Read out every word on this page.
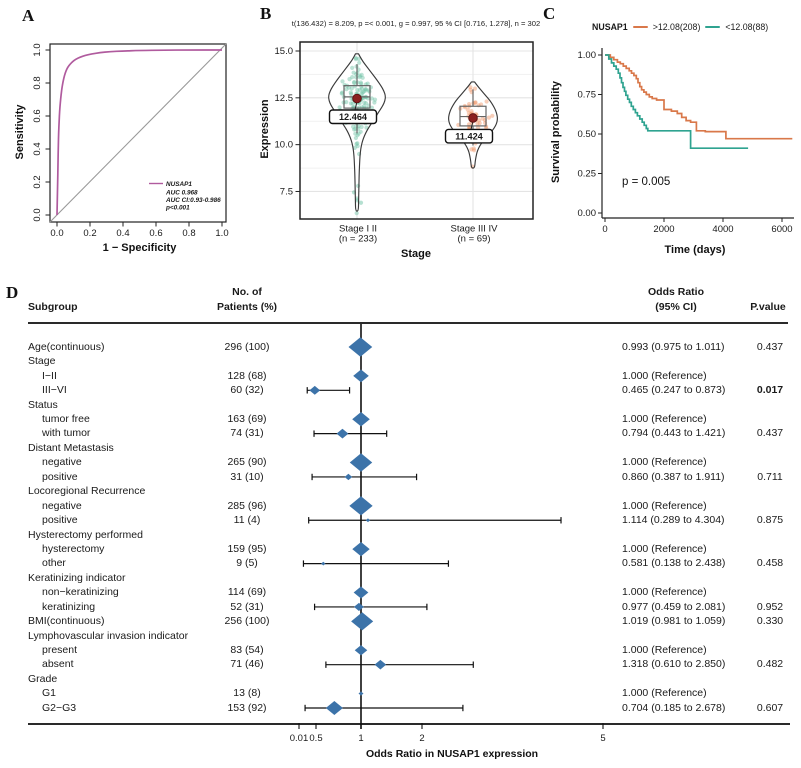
A
0.0 0.2 0.4 0.6 0.8 1.0
0.0
0.2
0.4
0.6
0.8
1.0
NUSAP1
AUC 0.968
AUC CI:0.93-0.986
p<0.001
Sensitivity
1 − Specificity
B
t(136.432) = 8.209, p =< 0.001, g = 0.997, 95 % CI [0.716, 1.278], n = 302
15.0
12.5
10.0
7.5
12.464
Stage I II
(n = 233)
11.424
Stage III IV
(n = 69)
Expression
Stage
C
NUSAP1	>12.08(208)	<12.08(88)
1.00
0.75
0.50
0.25
0.00
0	2000	4000	6000
p = 0.005
Survival probability
Time (days)
D
Subgroup
No. of
Patients (%)
Odds Ratio
(95% CI)	P.value
Age(continuous)	296 (100)	0.993 (0.975 to 1.011)	0.437
Stage
I−II	128 (68)	1.000 (Reference)
III−VI	60 (32)	0.465 (0.247 to 0.873)	0.017
Status
tumor free	163 (69)	1.000 (Reference)
with tumor	74 (31)	0.794 (0.443 to 1.421)	0.437
Distant Metastasis
negative	265 (90)	1.000 (Reference)
positive	31 (10)	0.860 (0.387 to 1.911)	0.711
Locoregional Recurrence
negative	285 (96)	1.000 (Reference)
positive	11 (4)	1.114 (0.289 to 4.304)	0.875
Hysterectomy performed
hysterectomy	159 (95)	1.000 (Reference)
other	9 (5)	0.581 (0.138 to 2.438)	0.458
Keratinizing indicator
non−keratinizing	114 (69)	1.000 (Reference)
keratinizing	52 (31)	0.977 (0.459 to 2.081)	0.952
BMI(continuous)	256 (100)	1.019 (0.981 to 1.059)	0.330
Lymphovascular invasion indicator
present	83 (54)	1.000 (Reference)
absent	71 (46)	1.318 (0.610 to 2.850)	0.482
Grade
G1	13 (8)	1.000 (Reference)
G2−G3	153 (92)	0.704 (0.185 to 2.678)	0.607
0.01 0.5	1	2	5
Odds Ratio in NUSAP1 expression
